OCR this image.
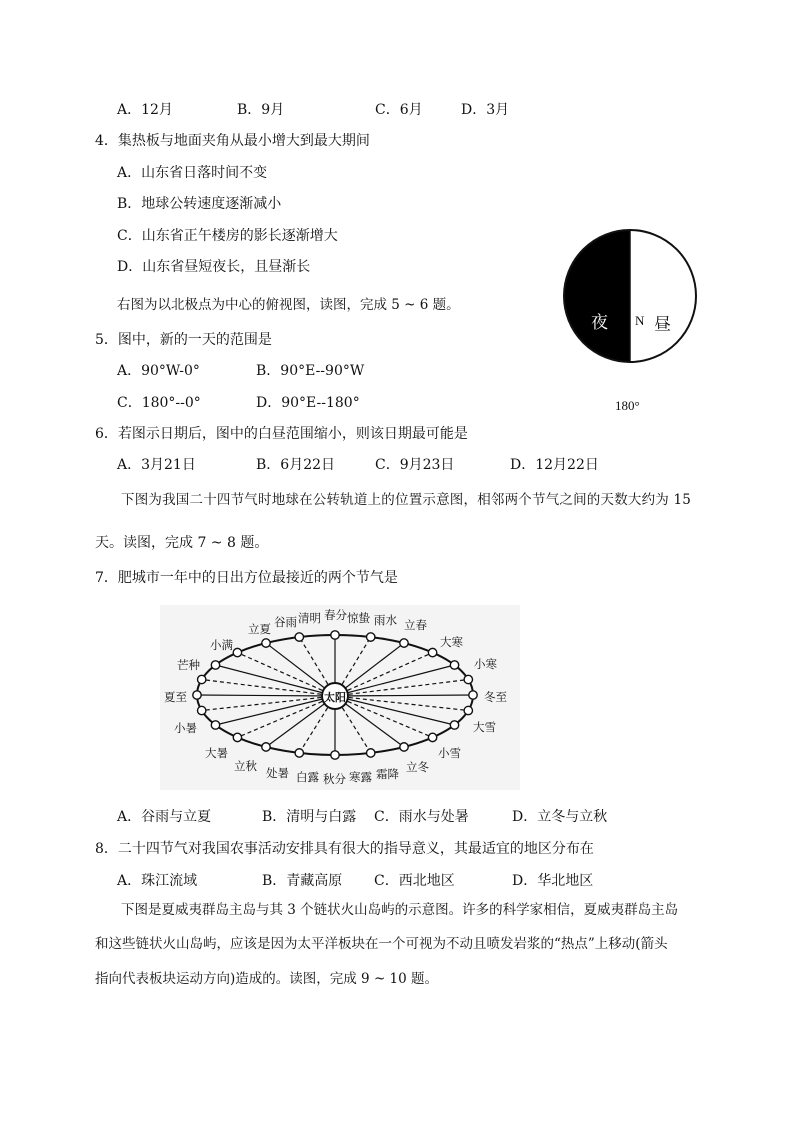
A．12月	B．9月	C．6月	D．3月
4．集热板与地面夹角从最小增大到最大期间
A．山东省日落时间不变
B．地球公转速度逐渐减小
C．山东省正午楼房的影长逐渐增大
D．山东省昼短夜长，且昼渐长
右图为以北极点为中心的俯视图，读图，完成 5 ~ 6 题。
夜 N 昼
180°
5．图中，新的一天的范围是
A．90°W-0°	B．90°E--90°W
C．180°--0°	D．90°E--180°
6．若图示日期后，图中的白昼范围缩小，则该日期最可能是
A．3月21日	B．6月22日	C．9月23日	D．12月22日
下图为我国二十四节气时地球在公转轨道上的位置示意图，相邻两个节气之间的天数大约为 15
天。读图，完成 7 ~ 8 题。
7．肥城市一年中的日出方位最接近的两个节气是
太阳
立夏 谷雨 清明 春分 惊蛰 雨水 立春
小满	大寒
芒种	小寒
夏至	冬至
小暑	大雪
大暑	小雪
立秋	立冬
处暑 白露 秋分 寒露 霜降
A．谷雨与立夏	B．清明与白露 C．雨水与处暑	D．立冬与立秋
8．二十四节气对我国农事活动安排具有很大的指导意义，其最适宜的地区分布在
A．珠江流域	B．青藏高原 C．西北地区	D．华北地区
下图是夏威夷群岛主岛与其 3 个链状火山岛屿的示意图。许多的科学家相信，夏威夷群岛主岛
和这些链状火山岛屿，应该是因为太平洋板块在一个可视为不动且喷发岩浆的“热点”上移动(箭头
指向代表板块运动方向)造成的。读图，完成 9 ~ 10 题。
